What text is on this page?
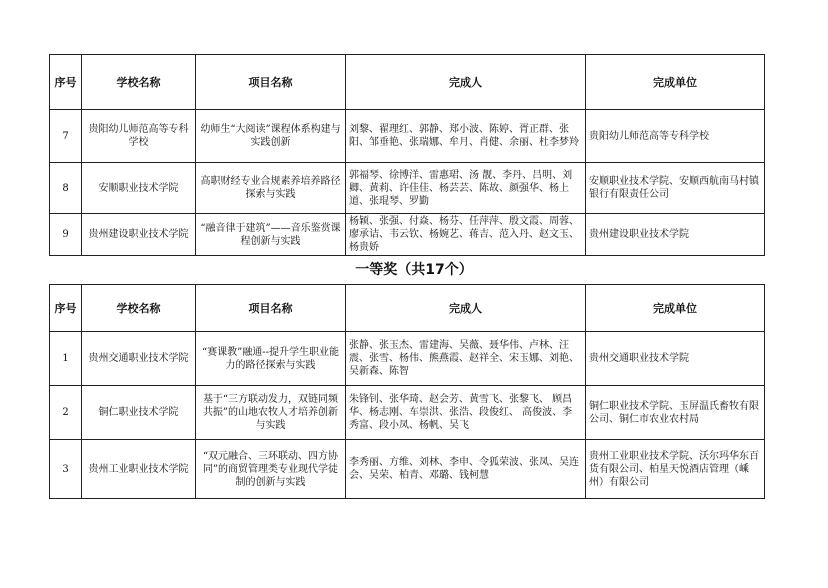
序号	学校名称	项目名称	完成人	完成单位
7	贵阳幼儿师范高等专科学校	幼师生“大阅读”课程体系构建与实践创新	刘黎、翟理红、郭静、郑小波、陈婷、胥正群、张阳、邹垂艳、张瑞娜、牟月、肖健、余丽、杜李梦羚	贵阳幼儿师范高等专科学校
8	安顺职业技术学院	高职财经专业合规素养培养路径探索与实践	郭福琴、徐博洋、雷惠珺、汤 靓、李丹、吕明、刘卿、黄莉、许佳佳、杨芸芸、陈故、颜强华、杨上道、张琨琴、罗勤	安顺职业技术学院、安顺西航南马村镇银行有限责任公司
9	贵州建设职业技术学院	“融音律于建筑”——音乐鉴赏课程创新与实践	杨颖、张强、付焱、杨芬、任萍萍、殷文霞、周蓉、廖承诘、韦云钦、杨婉艺、蒋吉、范入丹、赵文玉、杨贵娇	贵州建设职业技术学院
一等奖（共17个）
序号	学校名称	项目名称	完成人	完成单位
1	贵州交通职业技术学院	“赛课教”融通--提升学生职业能力的路径探索与实践	张静、张玉杰、雷建海、吴薇、聂华伟、卢林、汪震、张雪、杨伟、熊燕霞、赵祥全、宋玉娜、刘艳、吴新森、陈智	贵州交通职业技术学院
2	铜仁职业技术学院	基于“三方联动发力，双链同频共振”的山地农牧人才培养创新与实践	朱锋钊、张华琦、赵会芳、黄雪飞、张黎飞、 顾昌华、杨志刚、车崇洪、张浩、段俊红、 高俊波、李秀富、段小凤、杨帆、吴飞	铜仁职业技术学院、玉屏温氏畜牧有限公司、铜仁市农业农村局
3	贵州工业职业技术学院	“双元融合、三环联动、四方协同”的商贸管理类专业现代学徒制的创新与实践	李秀丽、方维、刘林、李申、令狐荣波、张凤、吴连会、吴荣、柏青、邓璐、钱柯慧	贵州工业职业技术学院、沃尔玛华东百货有限公司、柏星天悦酒店管理（嵊州）有限公司
